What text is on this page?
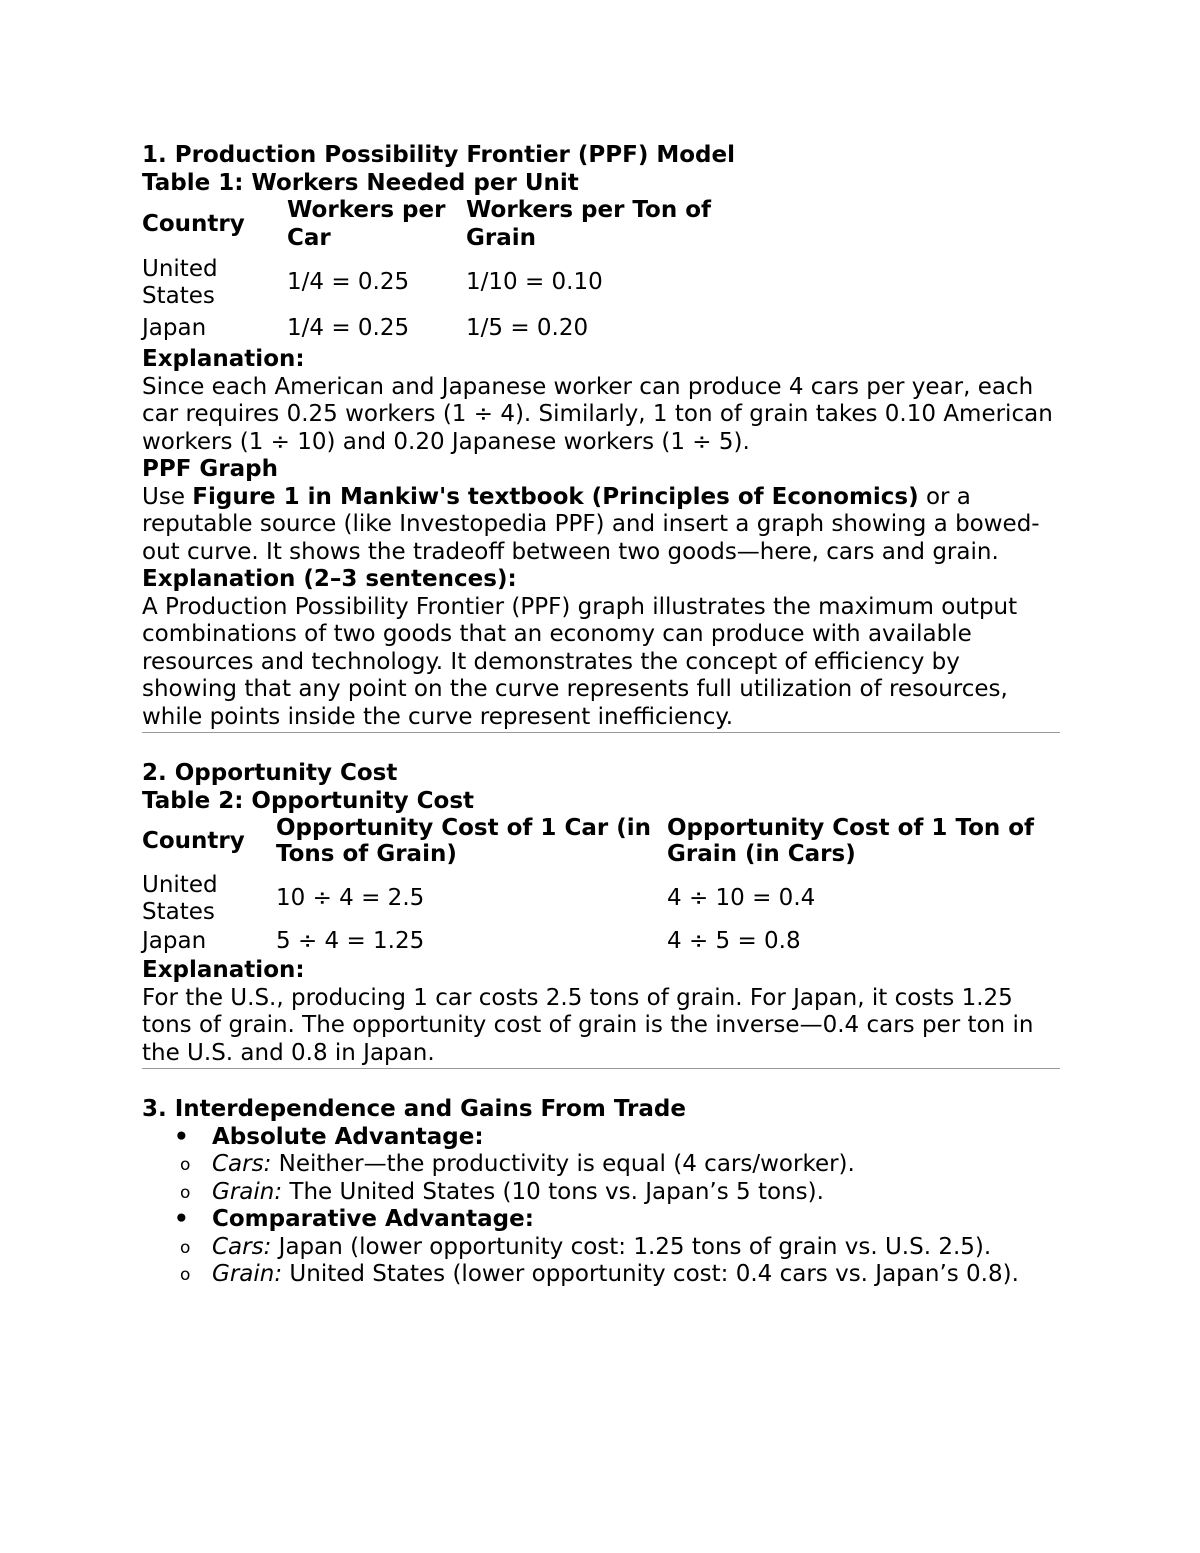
1. Production Possibility Frontier (PPF) Model

Table 1: Workers Needed per Unit

Country	Workers per Car	Workers per Ton of Grain
United States	1/4 = 0.25	1/10 = 0.10
Japan	1/4 = 0.25	1/5 = 0.20

Explanation:

Since each American and Japanese worker can produce 4 cars per year, each car requires 0.25 workers (1 ÷ 4). Similarly, 1 ton of grain takes 0.10 American workers (1 ÷ 10) and 0.20 Japanese workers (1 ÷ 5).

PPF Graph

Use Figure 1 in Mankiw's textbook (Principles of Economics) or a reputable source (like Investopedia PPF) and insert a graph showing a bowed-out curve. It shows the tradeoff between two goods—here, cars and grain.

Explanation (2–3 sentences):

A Production Possibility Frontier (PPF) graph illustrates the maximum output combinations of two goods that an economy can produce with available resources and technology. It demonstrates the concept of efficiency by showing that any point on the curve represents full utilization of resources, while points inside the curve represent inefficiency.

2. Opportunity Cost

Table 2: Opportunity Cost

Country	Opportunity Cost of 1 Car (in Tons of Grain)	Opportunity Cost of 1 Ton of Grain (in Cars)
United States	10 ÷ 4 = 2.5	4 ÷ 10 = 0.4
Japan	5 ÷ 4 = 1.25	4 ÷ 5 = 0.8

Explanation:

For the U.S., producing 1 car costs 2.5 tons of grain. For Japan, it costs 1.25 tons of grain. The opportunity cost of grain is the inverse—0.4 cars per ton in the U.S. and 0.8 in Japan.

3. Interdependence and Gains From Trade
• Absolute Advantage:
o Cars: Neither—the productivity is equal (4 cars/worker).
o Grain: The United States (10 tons vs. Japan’s 5 tons).
• Comparative Advantage:
o Cars: Japan (lower opportunity cost: 1.25 tons of grain vs. U.S. 2.5).
o Grain: United States (lower opportunity cost: 0.4 cars vs. Japan’s 0.8).
